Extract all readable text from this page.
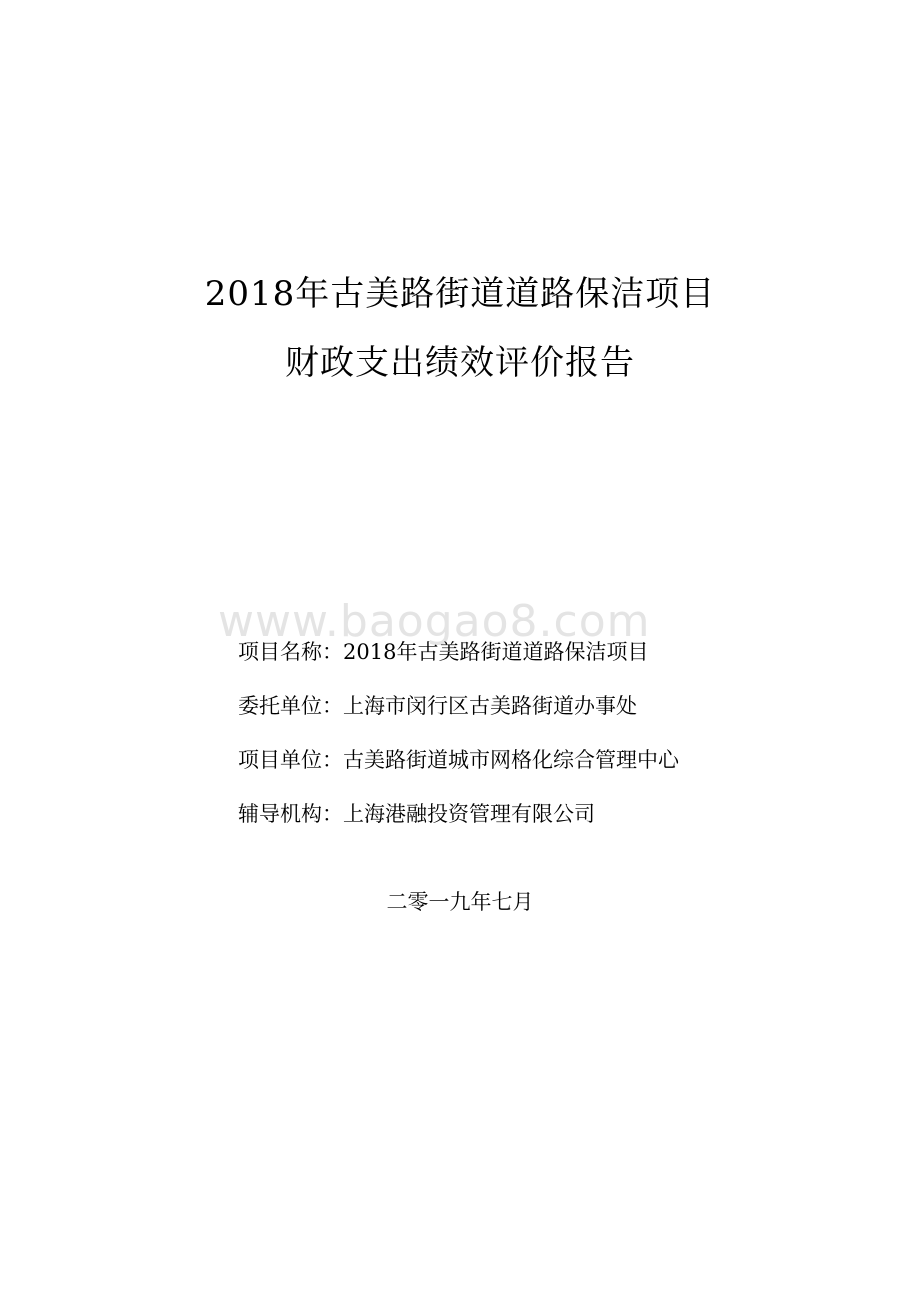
2018年古美路街道道路保洁项目
财政支出绩效评价报告
www.baogao8.com
项目名称：2018年古美路街道道路保洁项目
委托单位：上海市闵行区古美路街道办事处
项目单位：古美路街道城市网格化综合管理中心
辅导机构：上海港融投资管理有限公司
二零一九年七月
